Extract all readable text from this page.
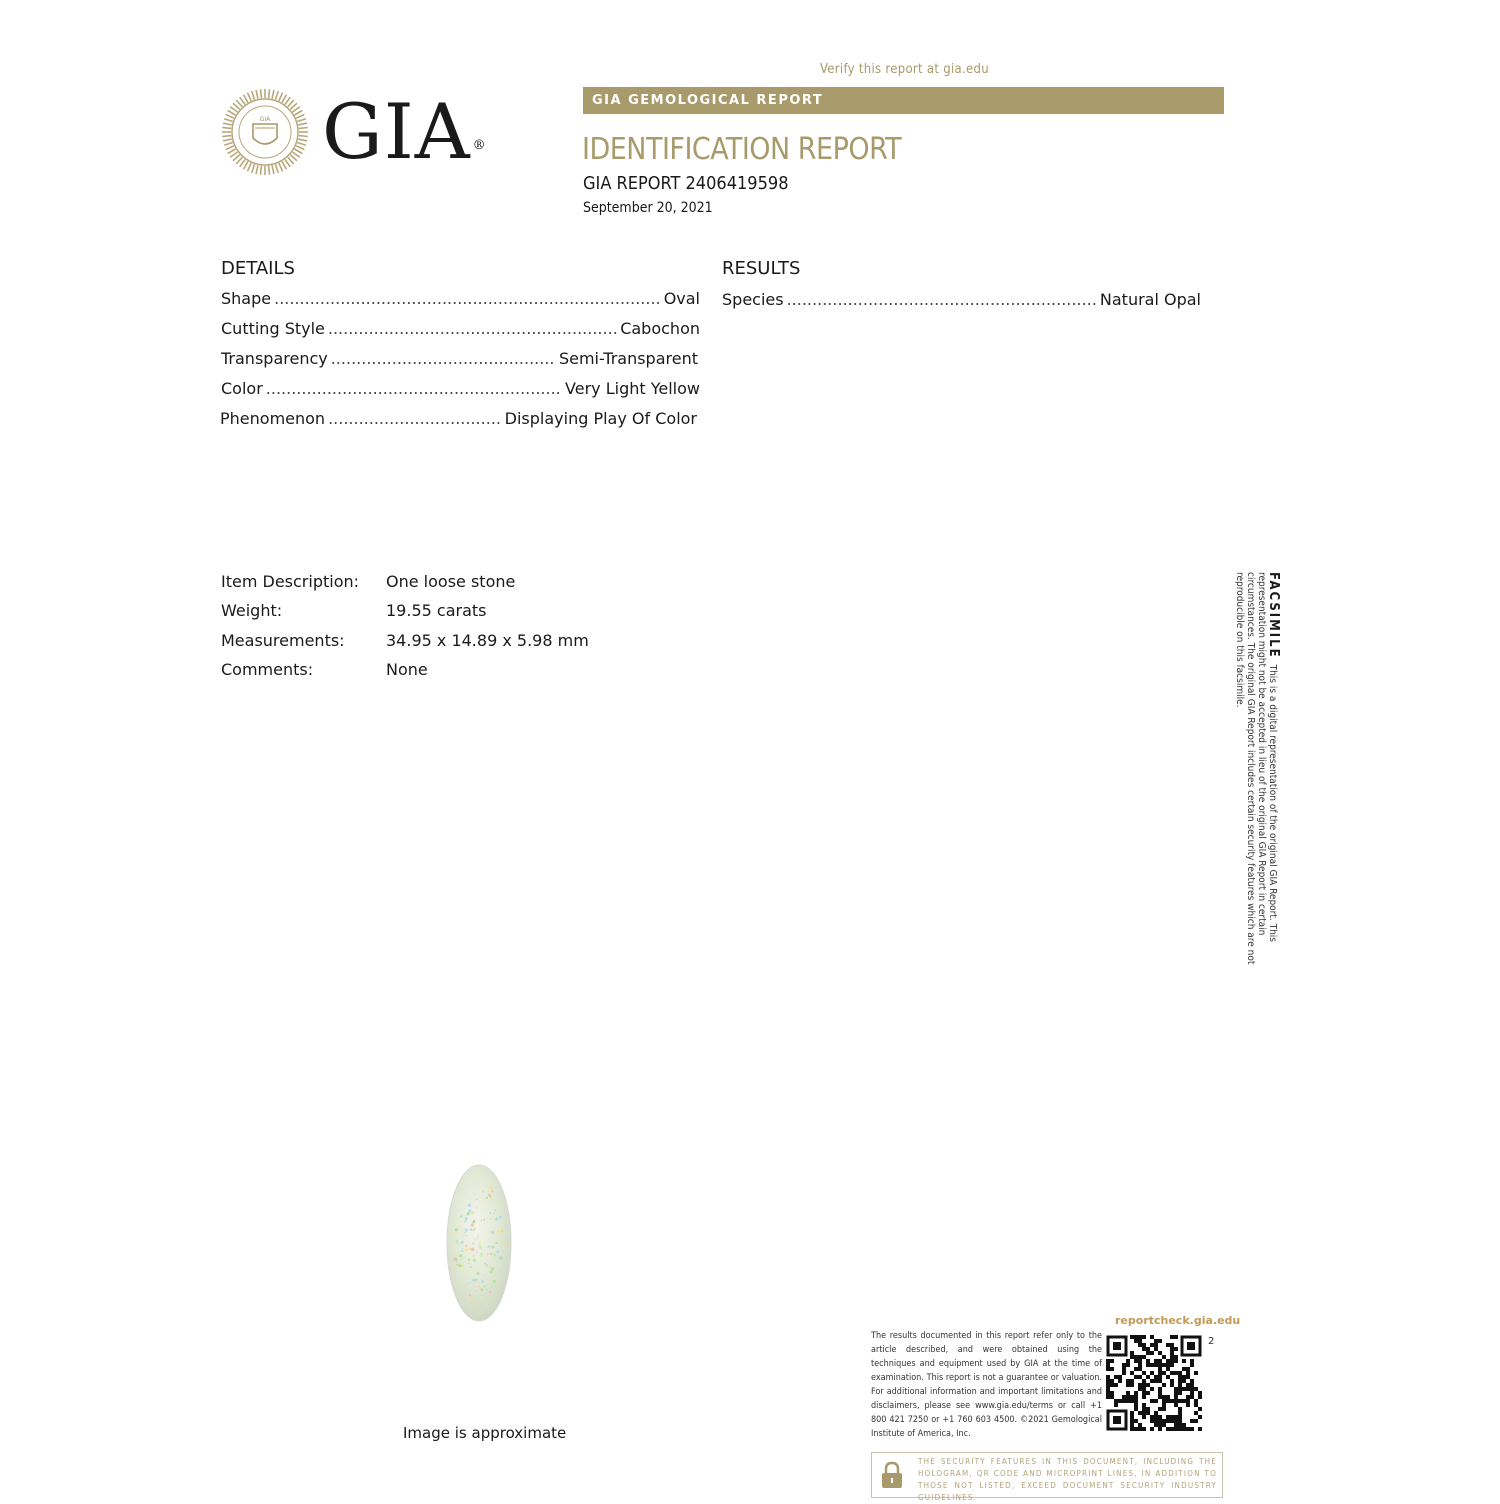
GIA GIA ®
Verify this report at gia.edu
GIA GEMOLOGICAL REPORT
IDENTIFICATION REPORT
GIA REPORT 2406419598
September 20, 2021
DETAILS
Shape .....	Oval
Cutting Style .....	Cabochon
Transparency .....	Semi-Transparent
Color .....	Very Light Yellow
Phenomenon .....	Displaying Play Of Color
RESULTS
Species .....	Natural Opal
Item Description: One loose stone
Weight:	19.55 carats
Measurements:	34.95 x 14.89 x 5.98 mm
Comments:	None
FACSIMILEThis is a digital representation of the original GIA Report. This representation might not be accepted in lieu of the original GIA Report in certain circumstances. The original GIA Report includes certain security features which are not reproducible on this facsimile.
Image is approximate
reportcheck.gia.edu
The results documented in this report refer only to the article described, and were obtained using the techniques and equipment used by GIA at the time of examination. This report is not a guarantee or valuation. For additional information and important limitations and disclaimers, please see www.gia.edu/terms or call +1 800 421 7250 or +1 760 603 4500. ©2021 Gemological Institute of America, Inc.
2
THE SECURITY FEATURES IN THIS DOCUMENT, INCLUDING THE HOLOGRAM, QR CODE AND MICROPRINT LINES, IN ADDITION TO THOSE NOT LISTED, EXCEED DOCUMENT SECURITY INDUSTRY GUIDELINES.
